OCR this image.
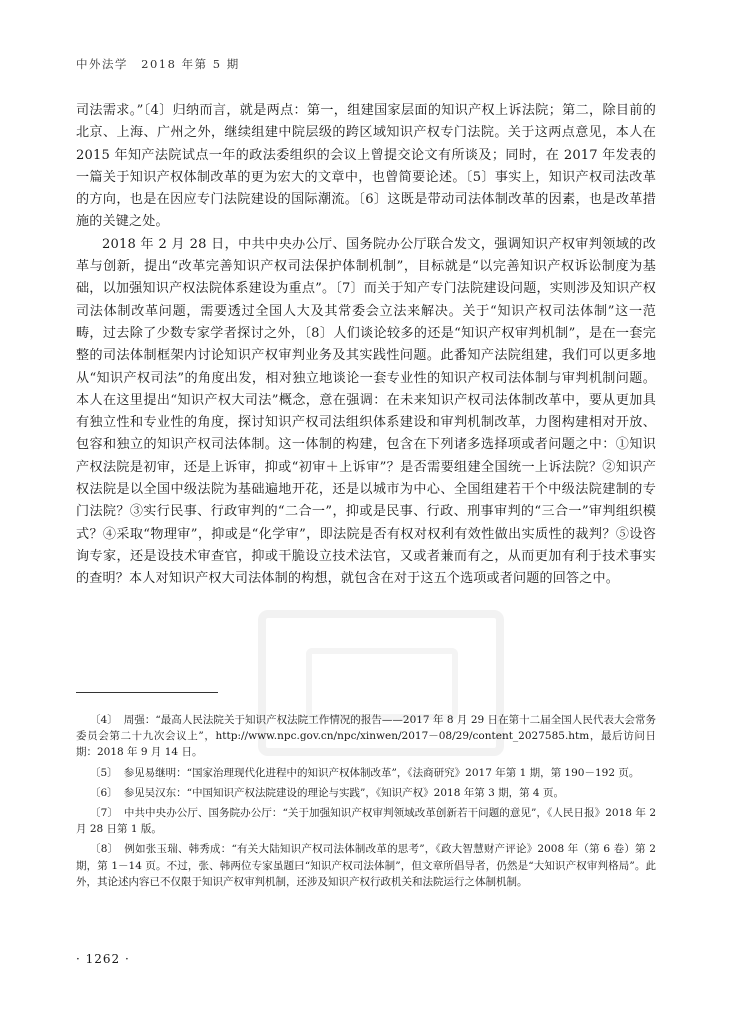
中外法学 2018 年第 5 期

司法需求。”〔4〕归纳而言，就是两点：第一，组建国家层面的知识产权上诉法院；第二，除目前的北京、上海、广州之外，继续组建中院层级的跨区域知识产权专门法院。关于这两点意见，本人在 2015 年知产法院试点一年的政法委组织的会议上曾提交论文有所谈及；同时，在 2017 年发表的一篇关于知识产权体制改革的更为宏大的文章中，也曾简要论述。〔5〕事实上，知识产权司法改革的方向，也是在因应专门法院建设的国际潮流。〔6〕这既是带动司法体制改革的因素，也是改革措施的关键之处。

2018 年 2 月 28 日，中共中央办公厅、国务院办公厅联合发文，强调知识产权审判领域的改革与创新，提出“改革完善知识产权司法保护体制机制”，目标就是“以完善知识产权诉讼制度为基础，以加强知识产权法院体系建设为重点”。〔7〕而关于知产专门法院建设问题，实则涉及知识产权司法体制改革问题，需要透过全国人大及其常委会立法来解决。关于“知识产权司法体制”这一范畴，过去除了少数专家学者探讨之外，〔8〕人们谈论较多的还是“知识产权审判机制”，是在一套完整的司法体制框架内讨论知识产权审判业务及其实践性问题。此番知产法院组建，我们可以更多地从“知识产权司法”的角度出发，相对独立地谈论一套专业性的知识产权司法体制与审判机制问题。本人在这里提出“知识产权大司法”概念，意在强调：在未来知识产权司法体制改革中，要从更加具有独立性和专业性的角度，探讨知识产权司法组织体系建设和审判机制改革，力图构建相对开放、包容和独立的知识产权司法体制。这一体制的构建，包含在下列诸多选择项或者问题之中：①知识产权法院是初审，还是上诉审，抑或“初审＋上诉审”？是否需要组建全国统一上诉法院？②知识产权法院是以全国中级法院为基础遍地开花，还是以城市为中心、全国组建若干个中级法院建制的专门法院？③实行民事、行政审判的“二合一”，抑或是民事、行政、刑事审判的“三合一”审判组织模式？④采取“物理审”，抑或是“化学审”，即法院是否有权对权利有效性做出实质性的裁判？⑤设咨询专家，还是设技术审查官，抑或干脆设立技术法官，又或者兼而有之，从而更加有利于技术事实的查明？本人对知识产权大司法体制的构想，就包含在对于这五个选项或者问题的回答之中。

〔4〕 周强：“最高人民法院关于知识产权法院工作情况的报告——2017 年 8 月 29 日在第十二届全国人民代表大会常务委员会第二十九次会议上”，http://www.npc.gov.cn/npc/xinwen/2017－08/29/content_2027585.htm，最后访问日期：2018 年 9 月 14 日。

〔5〕 参见易继明：“国家治理现代化进程中的知识产权体制改革”，《法商研究》2017 年第 1 期，第 190－192 页。

〔6〕 参见吴汉东：“中国知识产权法院建设的理论与实践”，《知识产权》2018 年第 3 期，第 4 页。

〔7〕 中共中央办公厅、国务院办公厅：“关于加强知识产权审判领域改革创新若干问题的意见”，《人民日报》2018 年 2 月 28 日第 1 版。

〔8〕 例如张玉瑞、韩秀成：“有关大陆知识产权司法体制改革的思考”，《政大智慧财产评论》2008 年（第 6 卷）第 2 期，第 1－14 页。不过，张、韩两位专家虽题曰“知识产权司法体制”，但文章所倡导者，仍然是“大知识产权审判格局”。此外，其论述内容已不仅限于知识产权审判机制，还涉及知识产权行政机关和法院运行之体制机制。

· 1262 ·
